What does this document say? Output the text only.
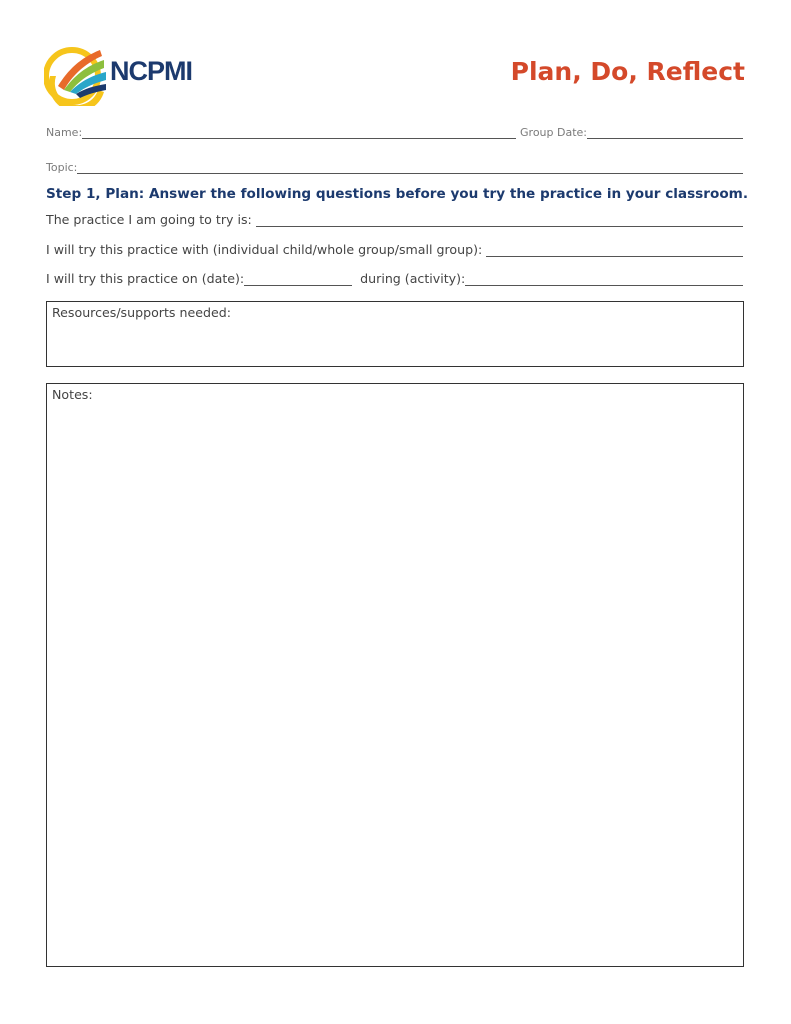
NCPMI	Plan, Do, Reflect
Name:	Group Date:
Topic:
Step 1, Plan: Answer the following questions before you try the practice in your classroom.
The practice I am going to try is:
I will try this practice with (individual child/whole group/small group):
I will try this practice on (date):	during (activity):
Resources/supports needed:
Notes:
